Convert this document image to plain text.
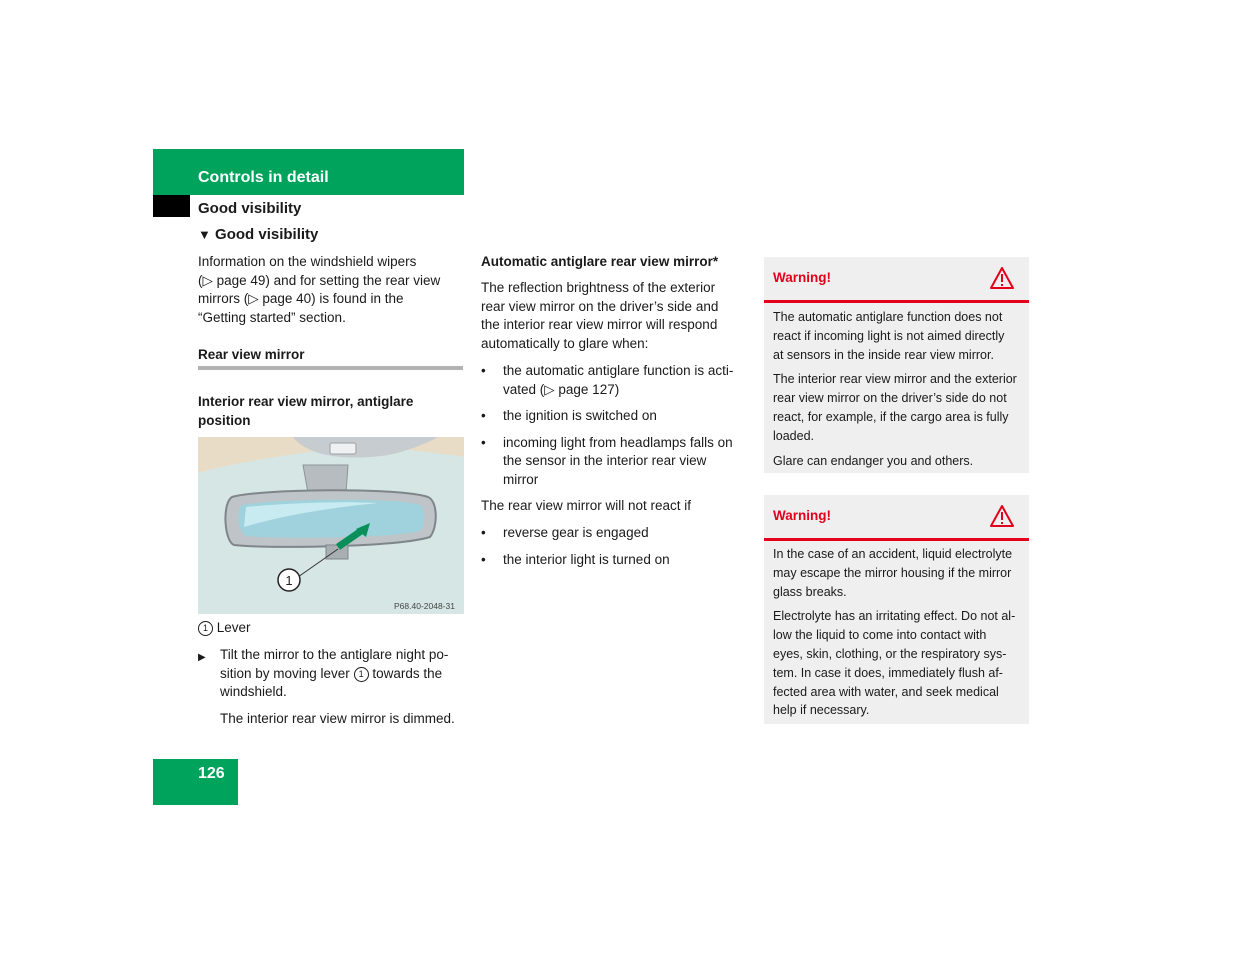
Controls in detail
Good visibility
▼ Good visibility
Information on the windshield wipers
(▷ page 49) and for setting the rear view
mirrors (▷ page 40) is found in the
“Getting started” section.
Rear view mirror
Interior rear view mirror, antiglare
position
1
P68.40-2048-31
1 Lever
▶	Tilt the mirror to the antiglare night po-
sition by moving lever 1 towards the
windshield.
The interior rear view mirror is dimmed.
Automatic antiglare rear view mirror*
The reflection brightness of the exterior
rear view mirror on the driver’s side and
the interior rear view mirror will respond
automatically to glare when:
•	the automatic antiglare function is acti-
vated (▷ page 127)
•	the ignition is switched on
•	incoming light from headlamps falls on
the sensor in the interior rear view
mirror
The rear view mirror will not react if
•	reverse gear is engaged
•	the interior light is turned on
Warning!

The automatic antiglare function does not
react if incoming light is not aimed directly
at sensors in the inside rear view mirror.

The interior rear view mirror and the exterior
rear view mirror on the driver’s side do not
react, for example, if the cargo area is fully
loaded.

Glare can endanger you and others.

Warning!

In the case of an accident, liquid electrolyte
may escape the mirror housing if the mirror
glass breaks.

Electrolyte has an irritating effect. Do not al-
low the liquid to come into contact with
eyes, skin, clothing, or the respiratory sys-
tem. In case it does, immediately flush af-
fected area with water, and seek medical
help if necessary.

126
